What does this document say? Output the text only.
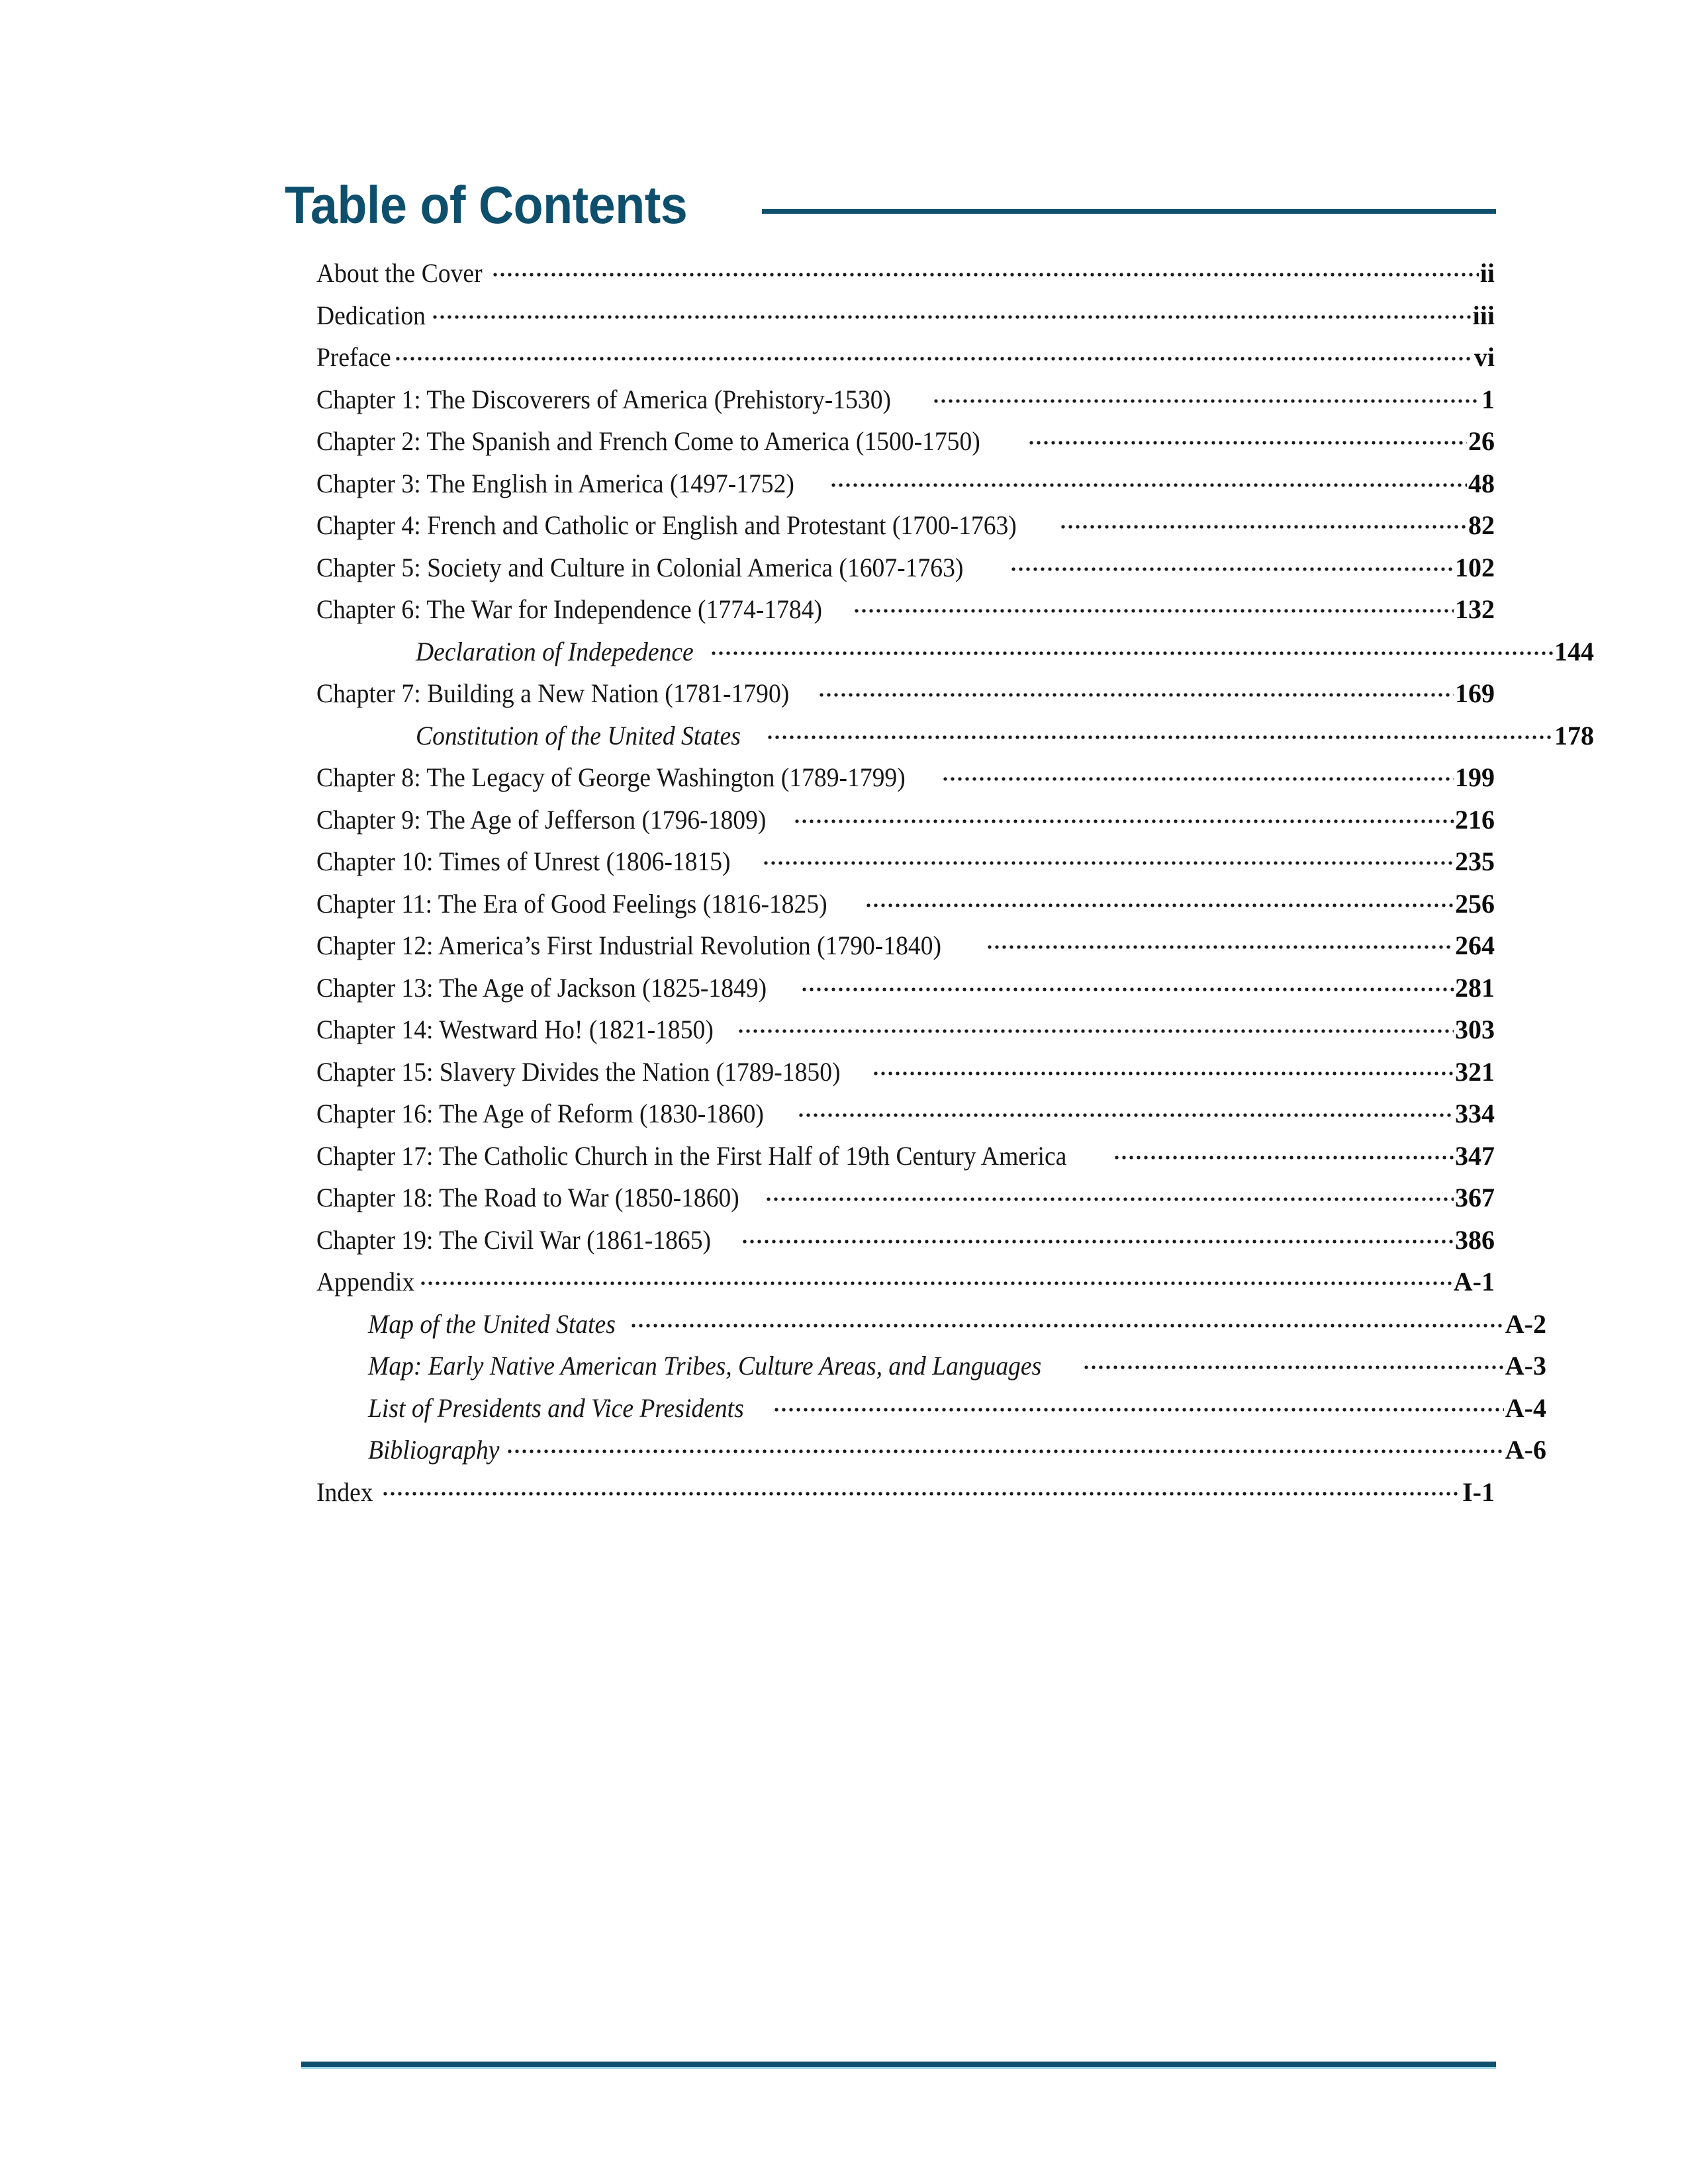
Table of Contents
About the Cover	ii
Dedication	iii
Preface	vi
Chapter 1: The Discoverers of America (Prehistory-1530)	1
Chapter 2: The Spanish and French Come to America (1500-1750)	26
Chapter 3: The English in America (1497-1752)	48
Chapter 4: French and Catholic or English and Protestant (1700-1763)	82
Chapter 5: Society and Culture in Colonial America (1607-1763)	102
Chapter 6: The War for Independence (1774-1784)	132
Declaration of Indepedence	144
Chapter 7: Building a New Nation (1781-1790)	169
Constitution of the United States	178
Chapter 8: The Legacy of George Washington (1789-1799)	199
Chapter 9: The Age of Jefferson (1796-1809)	216
Chapter 10: Times of Unrest (1806-1815)	235
Chapter 11: The Era of Good Feelings (1816-1825)	256
Chapter 12: America’s First Industrial Revolution (1790-1840)	264
Chapter 13: The Age of Jackson (1825-1849)	281
Chapter 14: Westward Ho! (1821-1850)	303
Chapter 15: Slavery Divides the Nation (1789-1850)	321
Chapter 16: The Age of Reform (1830-1860)	334
Chapter 17: The Catholic Church in the First Half of 19th Century America	347
Chapter 18: The Road to War (1850-1860)	367
Chapter 19: The Civil War (1861-1865)	386
Appendix	A-1
Map of the United States	A-2
Map: Early Native American Tribes, Culture Areas, and Languages	A-3
List of Presidents and Vice Presidents	A-4
Bibliography	A-6
Index	I-1
